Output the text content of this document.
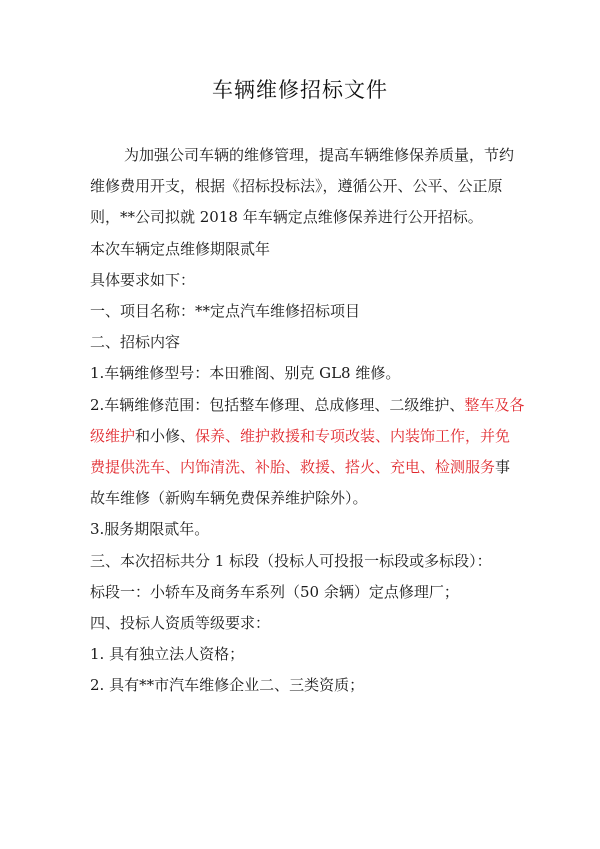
车辆维修招标文件

为加强公司车辆的维修管理，提高车辆维修保养质量，节约维修费用开支，根据《招标投标法》，遵循公开、公平、公正原则，**公司拟就 2018 年车辆定点维修保养进行公开招标。

本次车辆定点维修期限贰年

具体要求如下：

一、项目名称：**定点汽车维修招标项目

二、招标内容

1.车辆维修型号：本田雅阁、别克 GL8 维修。

2.车辆维修范围：包括整车修理、总成修理、二级维护、整车及各级维护和小修、保养、维护救援和专项改装、内装饰工作，并免费提供洗车、内饰清洗、补胎、救援、搭火、充电、检测服务事故车维修（新购车辆免费保养维护除外）。

3.服务期限贰年。

三、本次招标共分 1 标段（投标人可投报一标段或多标段）：

标段一：小轿车及商务车系列（50 余辆）定点修理厂；

四、投标人资质等级要求：

1. 具有独立法人资格；

2. 具有**市汽车维修企业二、三类资质；
